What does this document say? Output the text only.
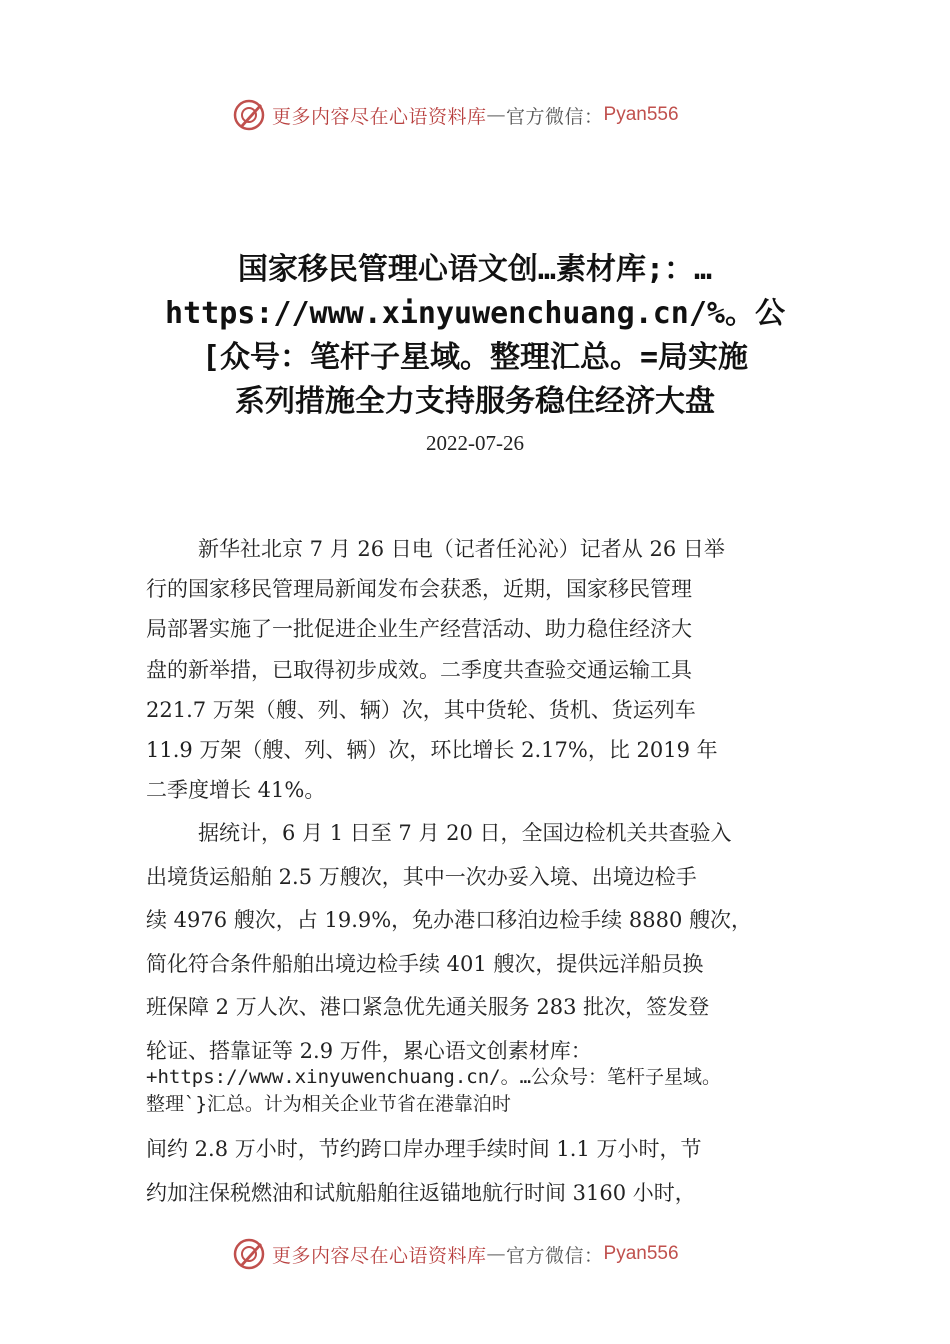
更多内容尽在心语资料库 — 官方微信： Pyan556
国家移民管理心语文创…素材库;：…
https://www.xinyuwenchuang.cn/%。公
[众号：笔杆子星域。整理汇总。=局实施
系列措施全力支持服务稳住经济大盘
2022-07-26
新华社北京 7 月 26 日电（记者任沁沁）记者从 26 日举
行的国家移民管理局新闻发布会获悉，近期，国家移民管理
局部署实施了一批促进企业生产经营活动、助力稳住经济大
盘的新举措，已取得初步成效。二季度共查验交通运输工具
221.7 万架（艘、列、辆）次，其中货轮、货机、货运列车
11.9 万架（艘、列、辆）次，环比增长 2.17%，比 2019 年
二季度增长 41%。
据统计，6 月 1 日至 7 月 20 日，全国边检机关共查验入
出境货运船舶 2.5 万艘次，其中一次办妥入境、出境边检手
续 4976 艘次，占 19.9%，免办港口移泊边检手续 8880 艘次，
简化符合条件船舶出境边检手续 401 艘次，提供远洋船员换
班保障 2 万人次、港口紧急优先通关服务 283 批次，签发登
轮证、搭靠证等 2.9 万件，累心语文创素材库：
+https://www.xinyuwenchuang.cn/。…公众号：笔杆子星域。
整理`}汇总。计为相关企业节省在港靠泊时
间约 2.8 万小时，节约跨口岸办理手续时间 1.1 万小时，节
约加注保税燃油和试航船舶往返锚地航行时间 3160 小时，
更多内容尽在心语资料库 — 官方微信： Pyan556
